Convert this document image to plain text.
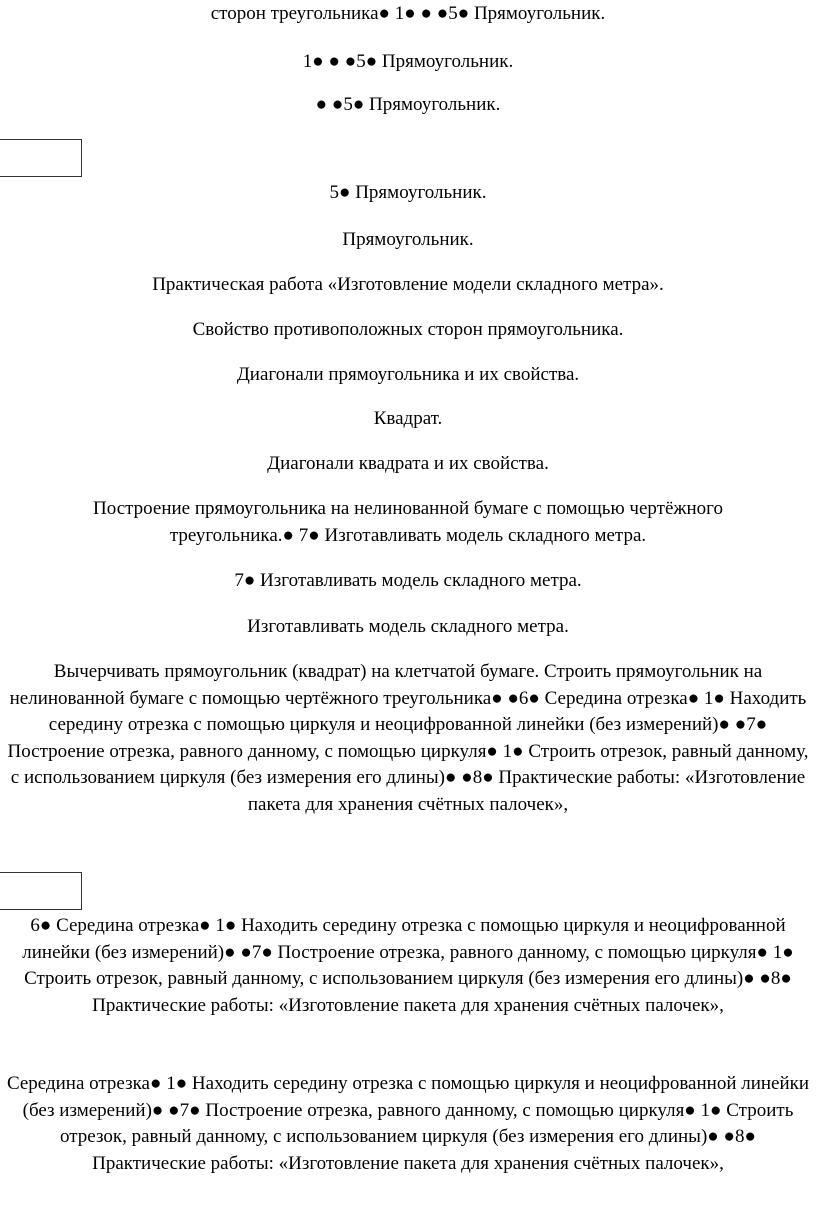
сторон треугольника● 1● ● ●5● Прямоугольник.

1● ● ●5● Прямоугольник.

● ●5● Прямоугольник.

5● Прямоугольник.

Прямоугольник.

Практическая работа «Изготовление модели складного метра».

Свойство противоположных сторон прямоугольника.

Диагонали прямоугольника и их свойства.

Квадрат.

Диагонали квадрата и их свойства.

Построение прямоугольника на нелинованной бумаге с помощью чертёжного треугольника.● 7● Изготавливать модель складного метра.

7● Изготавливать модель складного метра.

Изготавливать модель складного метра.

Вычерчивать прямоугольник (квадрат) на клетчатой бумаге. Строить прямоугольник на нелинованной бумаге с помощью чертёжного треугольника● ●6● Середина отрезка● 1● Находить середину отрезка с помощью циркуля и неоцифрованной линейки (без измерений)● ●7● Построение отрезка, равного данному, с помощью циркуля● 1● Строить отрезок, равный данному, с использованием циркуля (без измерения его длины)● ●8● Практические работы: «Изготовление пакета для хранения счётных палочек»,

6● Середина отрезка● 1● Находить середину отрезка с помощью циркуля и неоцифрованной линейки (без измерений)● ●7● Построение отрезка, равного данному, с помощью циркуля● 1● Строить отрезок, равный данному, с использованием циркуля (без измерения его длины)● ●8● Практические работы: «Изготовление пакета для хранения счётных палочек»,

Середина отрезка● 1● Находить середину отрезка с помощью циркуля и неоцифрованной линейки (без измерений)● ●7● Построение отрезка, равного данному, с помощью циркуля● 1● Строить отрезок, равный данному, с использованием циркуля (без измерения его длины)● ●8● Практические работы: «Изготовление пакета для хранения счётных палочек»,
